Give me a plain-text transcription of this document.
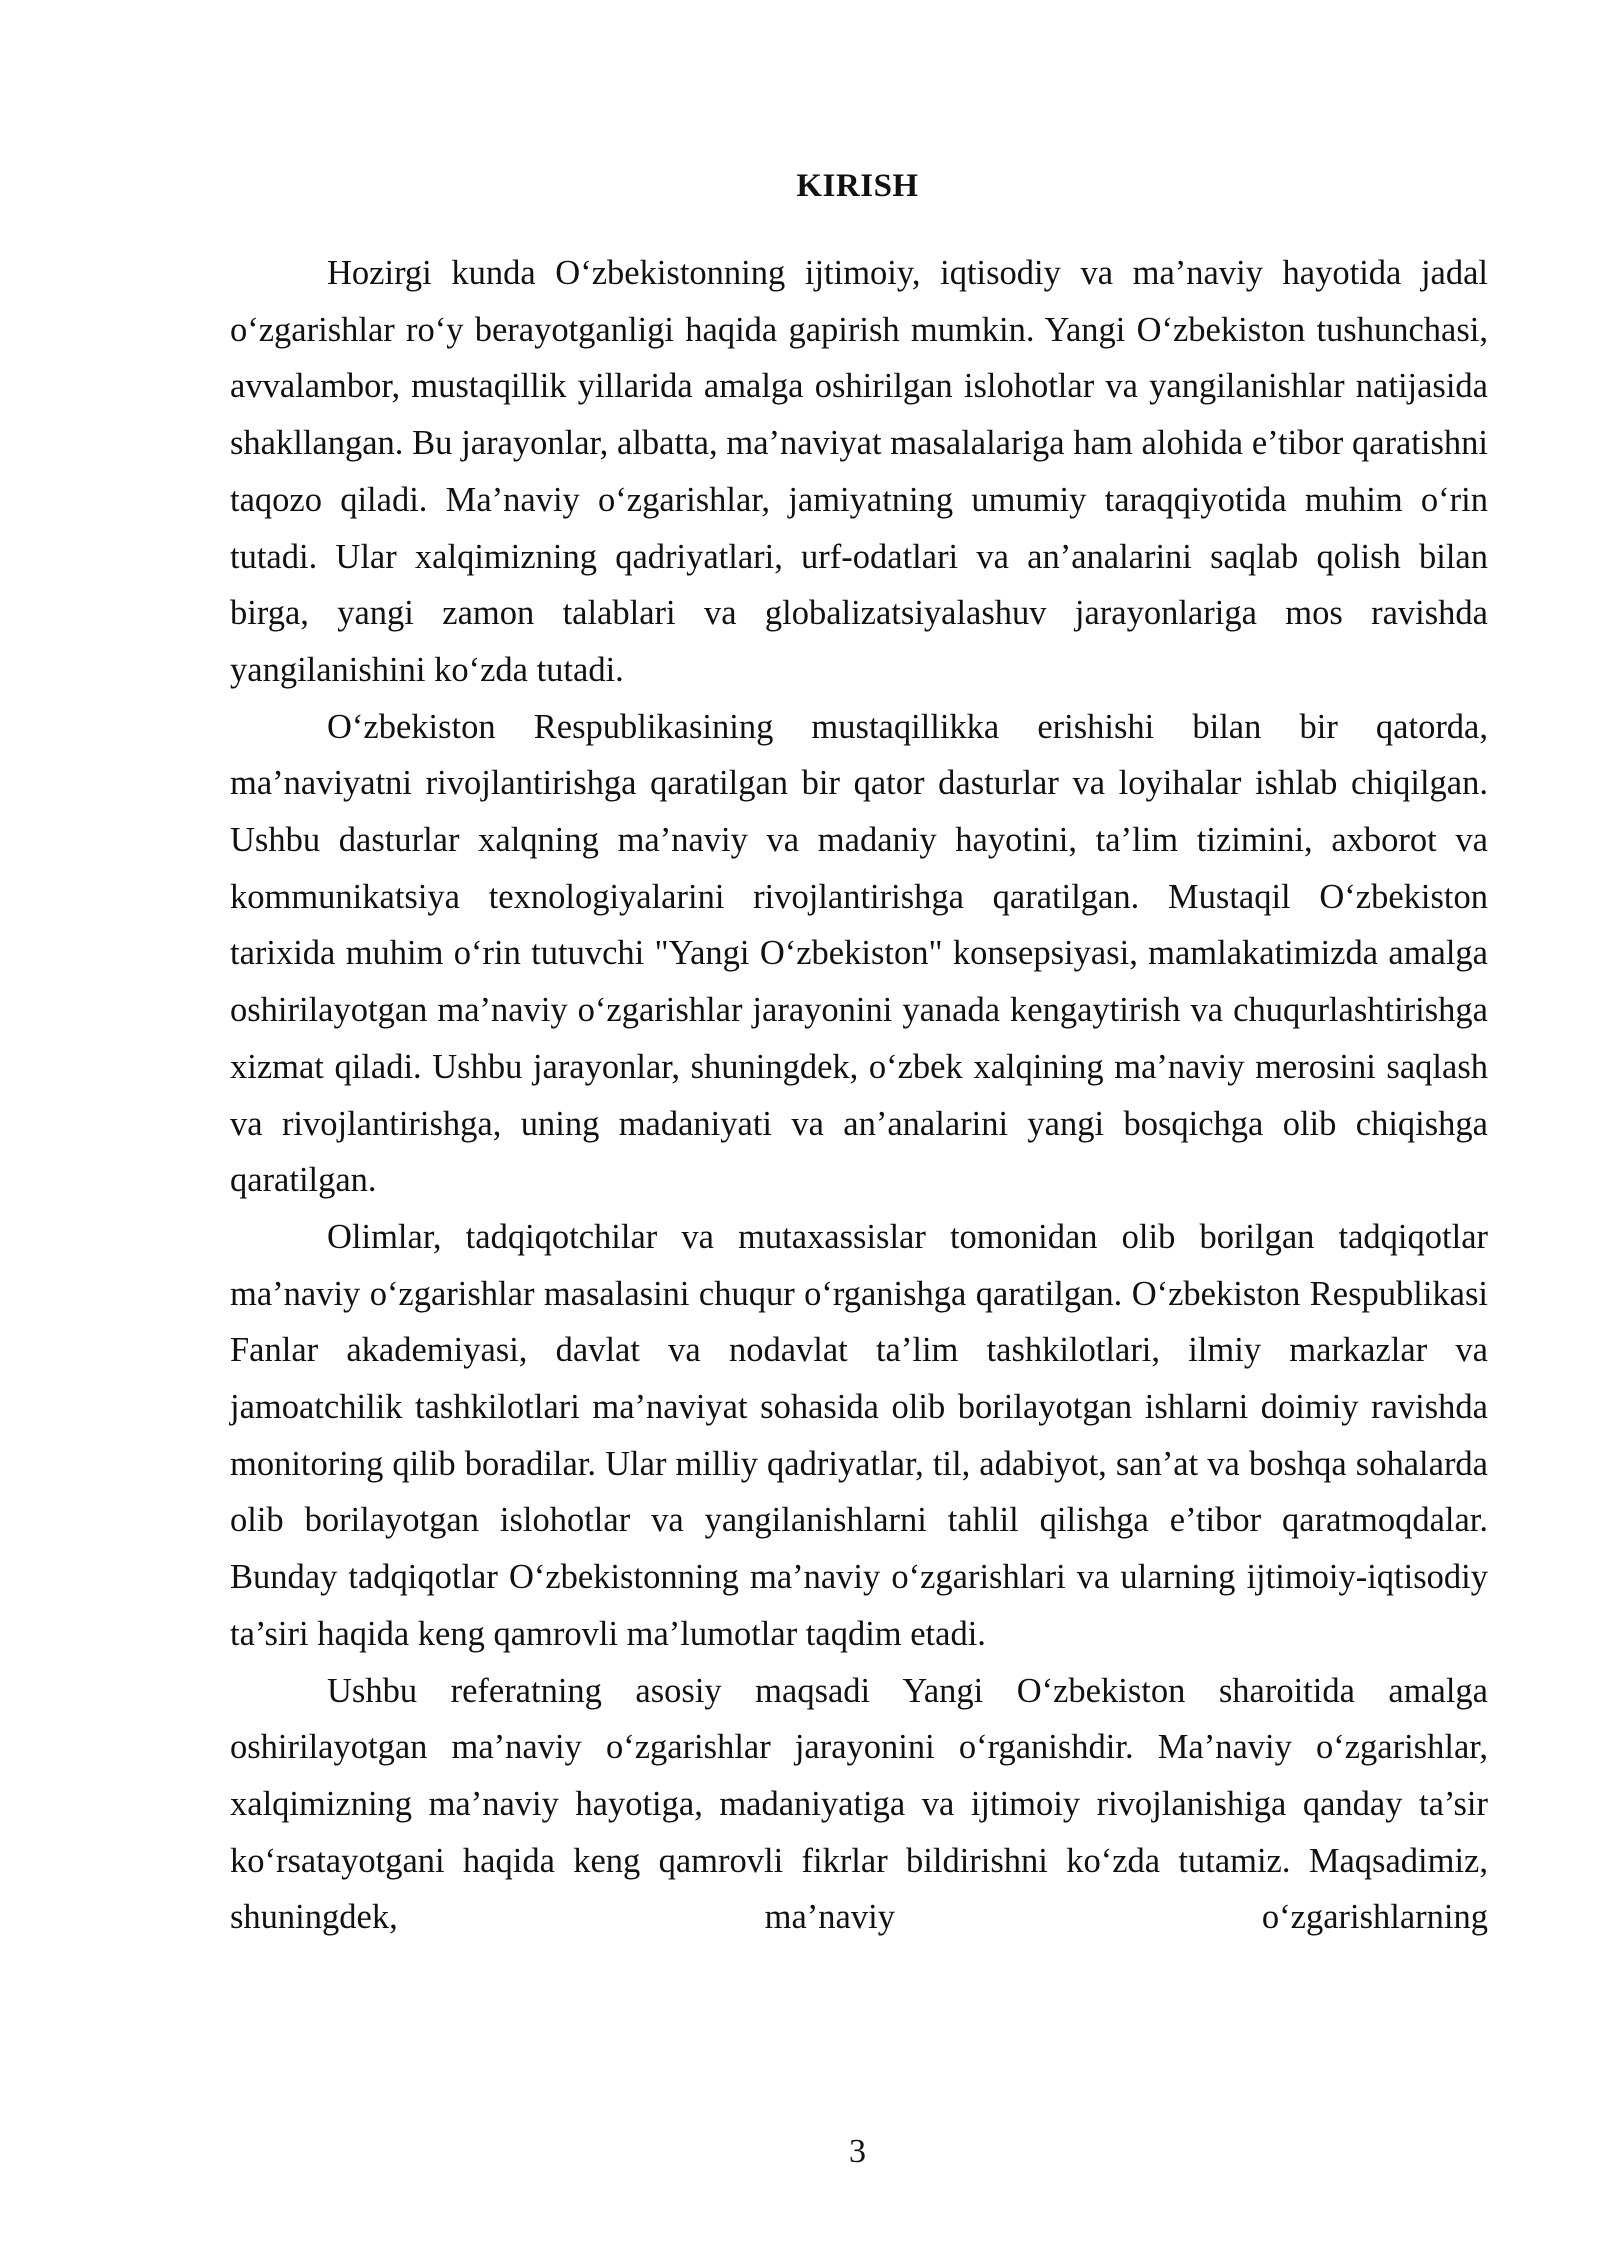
KIRISH

Hozirgi kunda O‘zbekistonning ijtimoiy, iqtisodiy va ma’naviy hayotida jadal o‘zgarishlar ro‘y berayotganligi haqida gapirish mumkin. Yangi O‘zbekiston tushunchasi, avvalambor, mustaqillik yillarida amalga oshirilgan islohotlar va yangilanishlar natijasida shakllangan. Bu jarayonlar, albatta, ma’naviyat masalalariga ham alohida e’tibor qaratishni taqozo qiladi. Ma’naviy o‘zgarishlar, jamiyatning umumiy taraqqiyotida muhim o‘rin tutadi. Ular xalqimizning qadriyatlari, urf-odatlari va an’analarini saqlab qolish bilan birga, yangi zamon talablari va globalizatsiyalashuv jarayonlariga mos ravishda yangilanishini ko‘zda tutadi.

O‘zbekiston Respublikasining mustaqillikka erishishi bilan bir qatorda, ma’naviyatni rivojlantirishga qaratilgan bir qator dasturlar va loyihalar ishlab chiqilgan. Ushbu dasturlar xalqning ma’naviy va madaniy hayotini, ta’lim tizimini, axborot va kommunikatsiya texnologiyalarini rivojlantirishga qaratilgan. Mustaqil O‘zbekiston tarixida muhim o‘rin tutuvchi "Yangi O‘zbekiston" konsepsiyasi, mamlakatimizda amalga oshirilayotgan ma’naviy o‘zgarishlar jarayonini yanada kengaytirish va chuqurlashtirishga xizmat qiladi. Ushbu jarayonlar, shuningdek, o‘zbek xalqining ma’naviy merosini saqlash va rivojlantirishga, uning madaniyati va an’analarini yangi bosqichga olib chiqishga qaratilgan.

Olimlar, tadqiqotchilar va mutaxassislar tomonidan olib borilgan tadqiqotlar ma’naviy o‘zgarishlar masalasini chuqur o‘rganishga qaratilgan. O‘zbekiston Respublikasi Fanlar akademiyasi, davlat va nodavlat ta’lim tashkilotlari, ilmiy markazlar va jamoatchilik tashkilotlari ma’naviyat sohasida olib borilayotgan ishlarni doimiy ravishda monitoring qilib boradilar. Ular milliy qadriyatlar, til, adabiyot, san’at va boshqa sohalarda olib borilayotgan islohotlar va yangilanishlarni tahlil qilishga e’tibor qaratmoqdalar. Bunday tadqiqotlar O‘zbekistonning ma’naviy o‘zgarishlari va ularning ijtimoiy-iqtisodiy ta’siri haqida keng qamrovli ma’lumotlar taqdim etadi.

Ushbu referatning asosiy maqsadi Yangi O‘zbekiston sharoitida amalga oshirilayotgan ma’naviy o‘zgarishlar jarayonini o‘rganishdir. Ma’naviy o‘zgarishlar, xalqimizning ma’naviy hayotiga, madaniyatiga va ijtimoiy rivojlanishiga qanday ta’sir ko‘rsatayotgani haqida keng qamrovli fikrlar bildirishni ko‘zda tutamiz. Maqsadimiz, shuningdek, ma’naviy o‘zgarishlarning

3
